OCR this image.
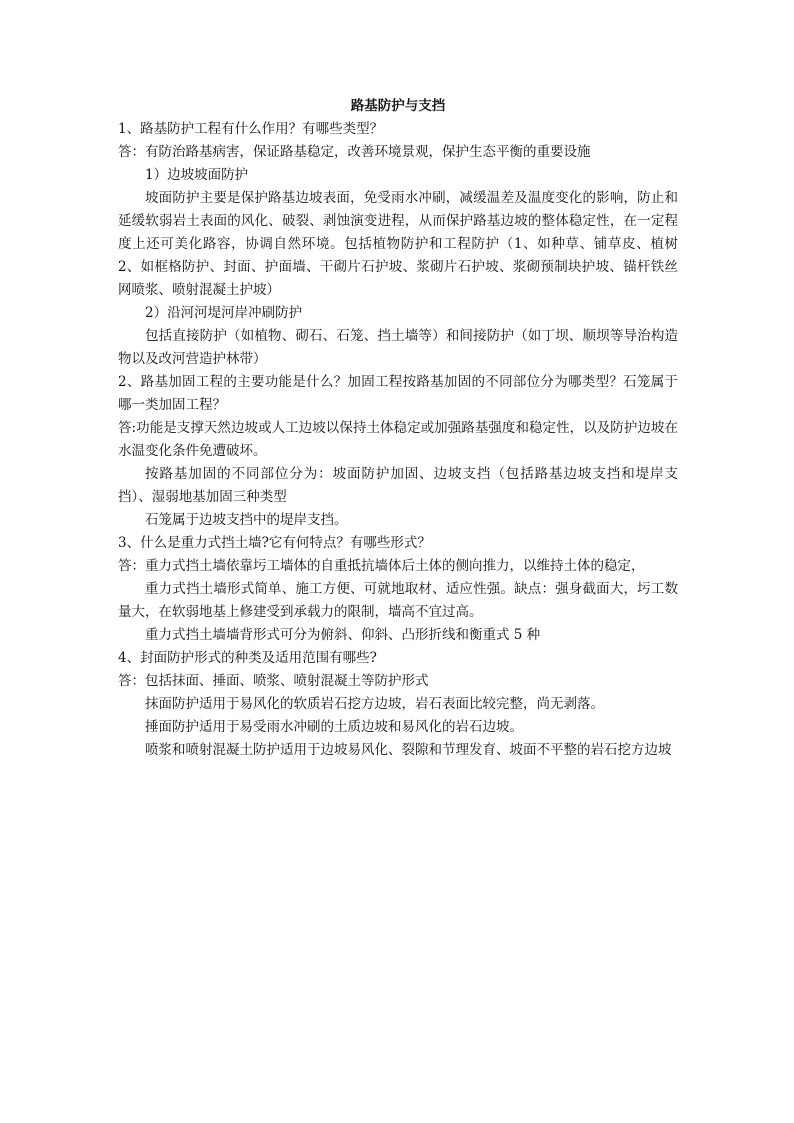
路基防护与支挡

1、路基防护工程有什么作用？有哪些类型？

答：有防治路基病害，保证路基稳定，改善环境景观，保护生态平衡的重要设施

1）边坡坡面防护

坡面防护主要是保护路基边坡表面，免受雨水冲刷，减缓温差及温度变化的影响，防止和延缓软弱岩土表面的风化、破裂、剥蚀演变进程，从而保护路基边坡的整体稳定性，在一定程度上还可美化路容，协调自然环境。包括植物防护和工程防护（1、如种草、铺草皮、植树 2、如框格防护、封面、护面墙、干砌片石护坡、浆砌片石护坡、浆砌预制块护坡、锚杆铁丝网喷浆、喷射混凝土护坡）

2）沿河河堤河岸冲刷防护

包括直接防护（如植物、砌石、石笼、挡土墙等）和间接防护（如丁坝、顺坝等导治构造物以及改河营造护林带）

2、路基加固工程的主要功能是什么？加固工程按路基加固的不同部位分为哪类型？石笼属于哪一类加固工程？

答:功能是支撑天然边坡或人工边坡以保持土体稳定或加强路基强度和稳定性，以及防护边坡在水温变化条件免遭破坏。

按路基加固的不同部位分为：坡面防护加固、边坡支挡（包括路基边坡支挡和堤岸支挡）、湿弱地基加固三种类型

石笼属于边坡支挡中的堤岸支挡。

3、什么是重力式挡土墙?它有何特点？有哪些形式？

答：重力式挡土墙依靠圬工墙体的自重抵抗墙体后土体的侧向推力，以维持土体的稳定，

重力式挡土墙形式简单、施工方便、可就地取材、适应性强。缺点：强身截面大，圬工数量大，在软弱地基上修建受到承载力的限制，墙高不宜过高。

重力式挡土墙墙背形式可分为俯斜、仰斜、凸形折线和衡重式 5 种

4、封面防护形式的种类及适用范围有哪些?

答：包括抹面、捶面、喷浆、喷射混凝土等防护形式

抹面防护适用于易风化的软质岩石挖方边坡，岩石表面比较完整，尚无剥落。

捶面防护适用于易受雨水冲刷的土质边坡和易风化的岩石边坡。

喷浆和喷射混凝土防护适用于边坡易风化、裂隙和节理发育、坡面不平整的岩石挖方边坡
